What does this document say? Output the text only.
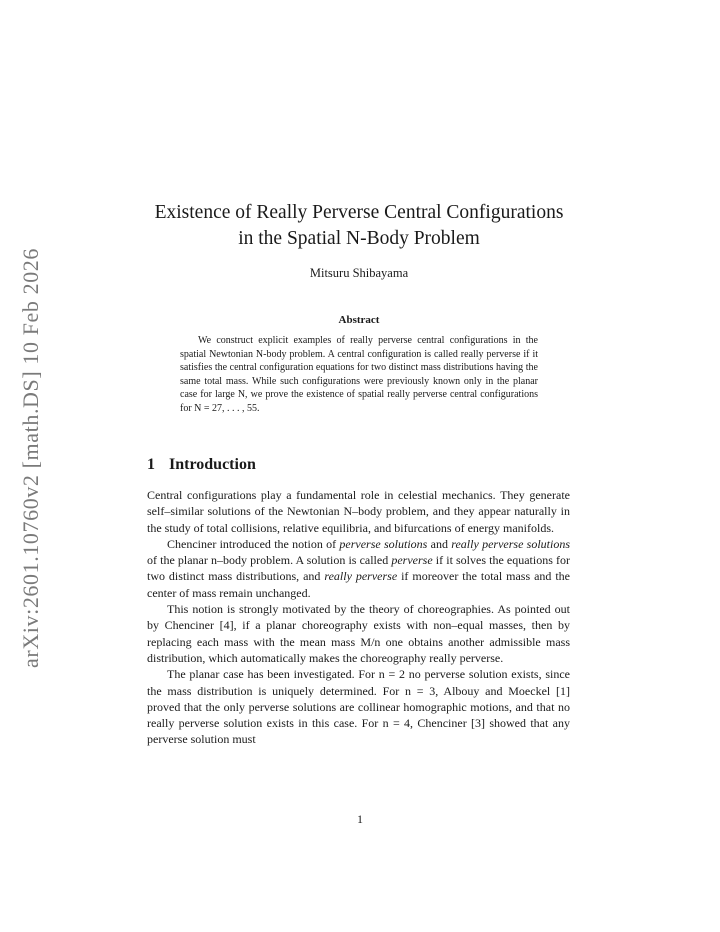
arXiv:2601.10760v2 [math.DS] 10 Feb 2026
Existence of Really Perverse Central Configurations
in the Spatial N-Body Problem
Mitsuru Shibayama
Abstract
We construct explicit examples of really perverse central configurations in the spatial Newtonian N-body problem. A central configuration is called really perverse if it satisfies the central configuration equations for two distinct mass distributions having the same total mass. While such configurations were previously known only in the planar case for large N, we prove the existence of spatial really perverse central configurations for N = 27, . . . , 55.
1 Introduction

Central configurations play a fundamental role in celestial mechanics. They generate self–similar solutions of the Newtonian N–body problem, and they appear naturally in the study of total collisions, relative equilibria, and bifurcations of energy manifolds.

Chenciner introduced the notion of perverse solutions and really perverse solutions of the planar n–body problem. A solution is called perverse if it solves the equations for two distinct mass distributions, and really perverse if moreover the total mass and the center of mass remain unchanged.

This notion is strongly motivated by the theory of choreographies. As pointed out by Chenciner [4], if a planar choreography exists with non–equal masses, then by replacing each mass with the mean mass M/n one obtains another admissible mass distribution, which automatically makes the choreography really perverse.

The planar case has been investigated. For n = 2 no perverse solution exists, since the mass distribution is uniquely determined. For n = 3, Albouy and Moeckel [1] proved that the only perverse solutions are collinear homographic motions, and that no really perverse solution exists in this case. For n = 4, Chenciner [3] showed that any perverse solution must

1
